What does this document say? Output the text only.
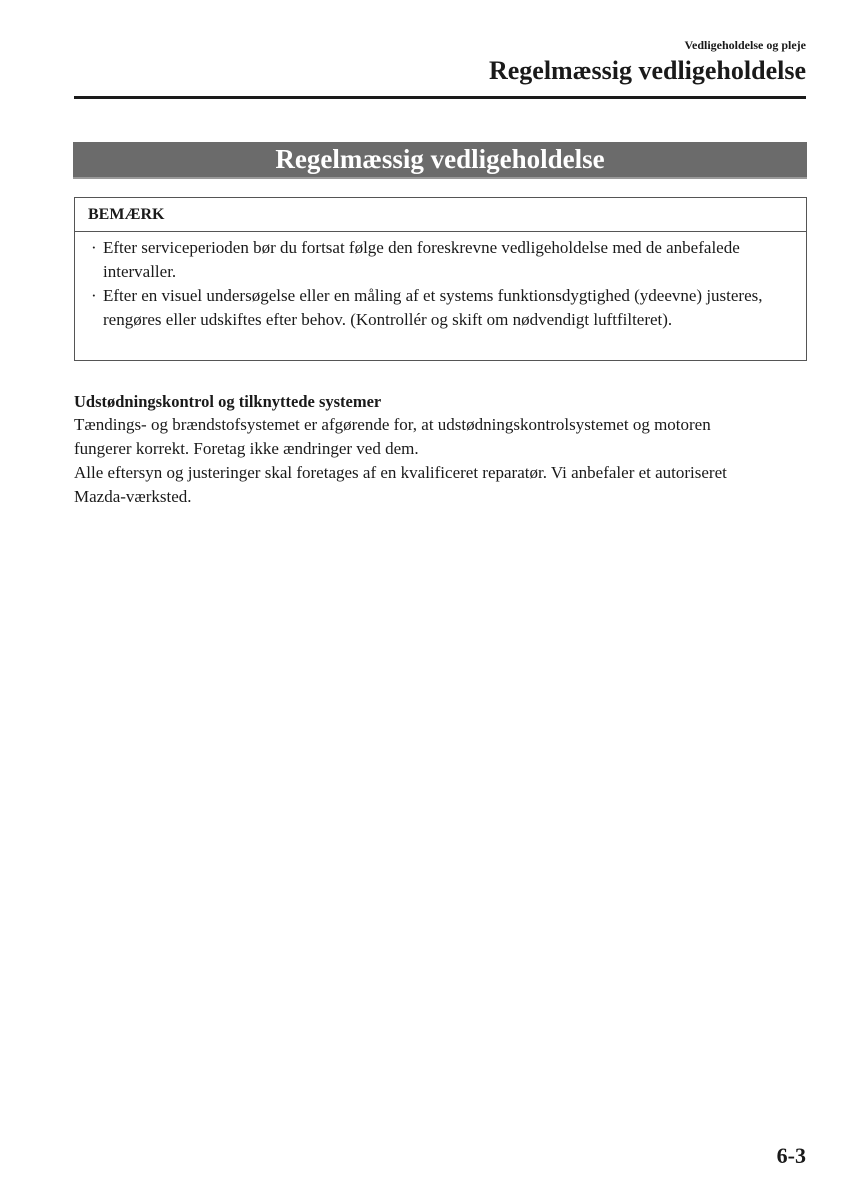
Vedligeholdelse og pleje
Regelmæssig vedligeholdelse
Regelmæssig vedligeholdelse
BEMÆRK
· Efter serviceperioden bør du fortsat følge den foreskrevne vedligeholdelse med de anbefalede intervaller.
· Efter en visuel undersøgelse eller en måling af et systems funktionsdygtighed (ydeevne) justeres, rengøres eller udskiftes efter behov. (Kontrollér og skift om nødvendigt luftfilteret).
Udstødningskontrol og tilknyttede systemer

Tændings- og brændstofsystemet er afgørende for, at udstødningskontrolsystemet og motoren fungerer korrekt. Foretag ikke ændringer ved dem.

Alle eftersyn og justeringer skal foretages af en kvalificeret reparatør. Vi anbefaler et autoriseret Mazda-værksted.

6-3
